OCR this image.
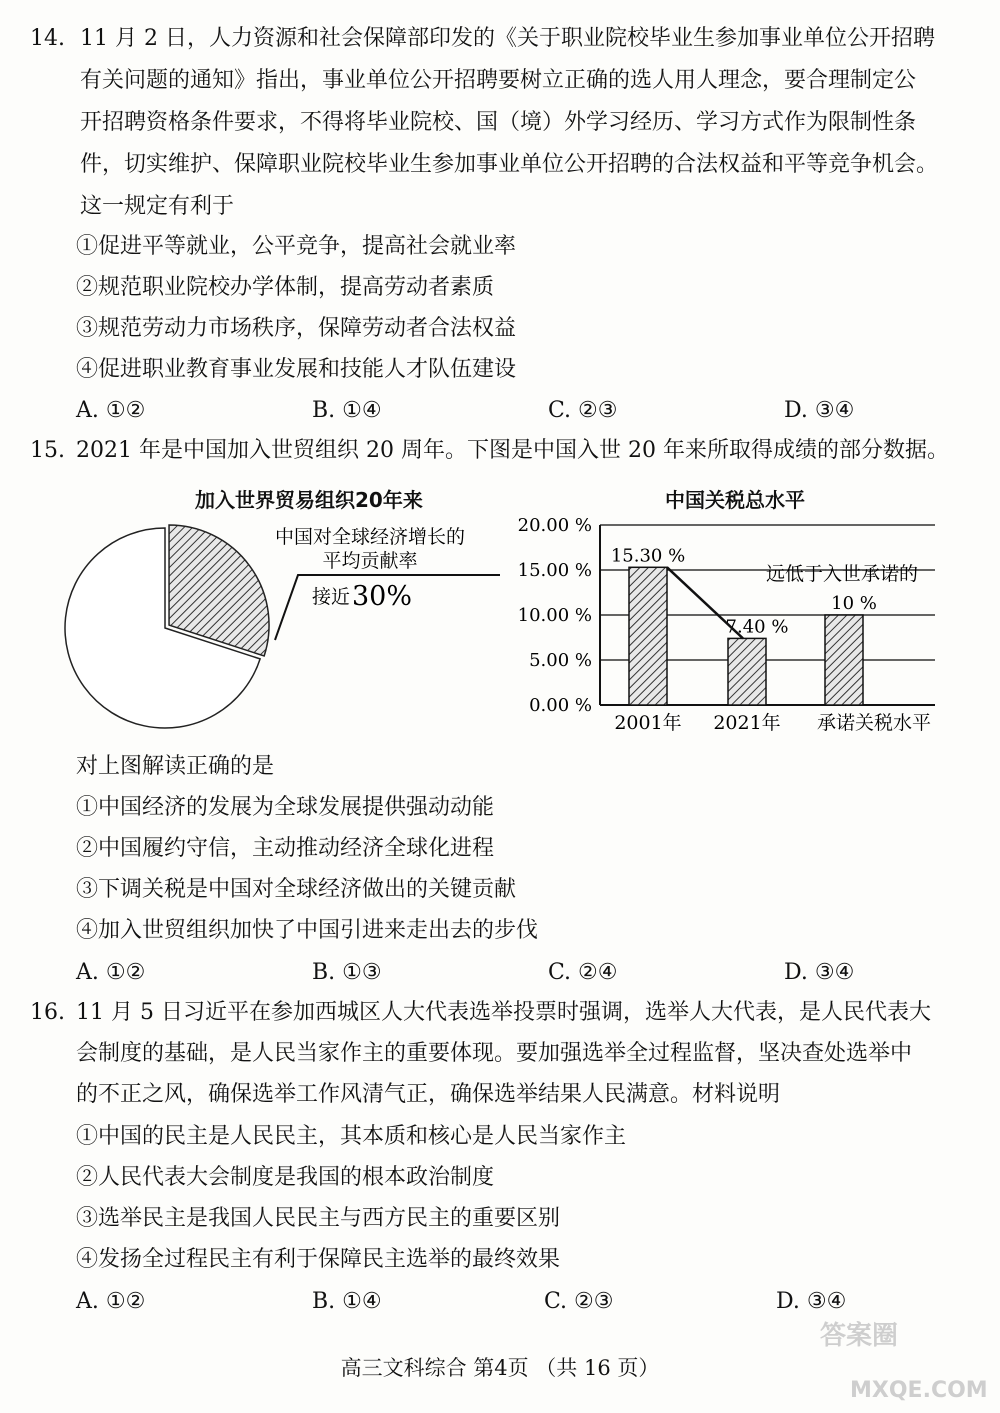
14. 11 月 2 日，人力资源和社会保障部印发的《关于职业院校毕业生参加事业单位公开招聘
有关问题的通知》指出，事业单位公开招聘要树立正确的选人用人理念，要合理制定公
开招聘资格条件要求，不得将毕业院校、国（境）外学习经历、学习方式作为限制性条
件，切实维护、保障职业院校毕业生参加事业单位公开招聘的合法权益和平等竞争机会。
这一规定有利于
①促进平等就业，公平竞争，提高社会就业率
②规范职业院校办学体制，提高劳动者素质
③规范劳动力市场秩序，保障劳动者合法权益
④促进职业教育事业发展和技能人才队伍建设
A. ①②	B. ①④	C. ②③	D. ③④
15. 2021 年是中国加入世贸组织 20 周年。下图是中国入世 20 年来所取得成绩的部分数据。
加入世界贸易组织20年来
中国对全球经济增长的
平均贡献率
接近 30%
中国关税总水平
0.00 %
5.00 %
10.00 %
15.00 %
20.00 %
2001年 2021年 承诺关税水平
15.30 %
7.40 %
10 %
远低于入世承诺的
对上图解读正确的是
①中国经济的发展为全球发展提供强动动能
②中国履约守信，主动推动经济全球化进程
③下调关税是中国对全球经济做出的关键贡献
④加入世贸组织加快了中国引进来走出去的步伐
A. ①②	B. ①③	C. ②④	D. ③④
16. 11 月 5 日习近平在参加西城区人大代表选举投票时强调，选举人大代表，是人民代表大
会制度的基础，是人民当家作主的重要体现。要加强选举全过程监督，坚决查处选举中
的不正之风，确保选举工作风清气正，确保选举结果人民满意。材料说明
①中国的民主是人民民主，其本质和核心是人民当家作主
②人民代表大会制度是我国的根本政治制度
③选举民主是我国人民民主与西方民主的重要区别
④发扬全过程民主有利于保障民主选举的最终效果
A. ①②	B. ①④	C. ②③	D. ③④
高三文科综合 第4页 （共 16 页）
答案圈
MXQE.COM
